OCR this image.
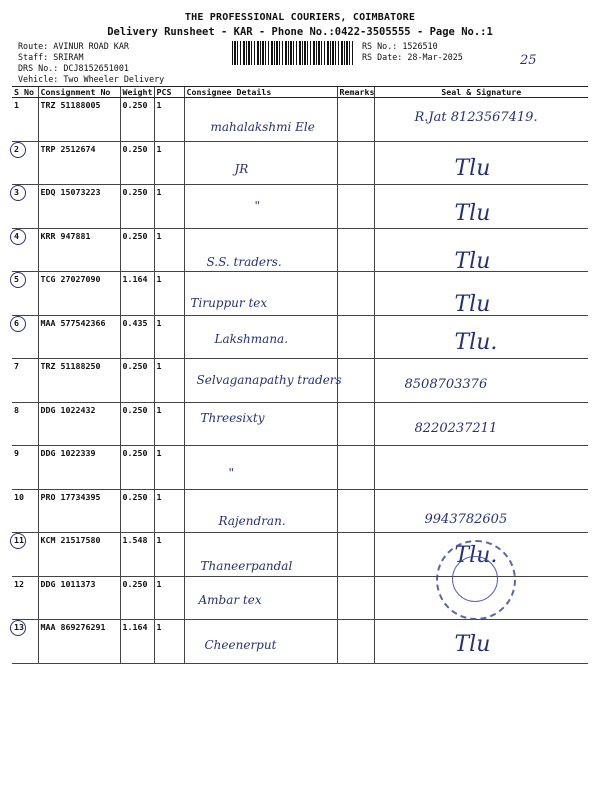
THE PROFESSIONAL COURIERS, COIMBATORE
Delivery Runsheet - KAR - Phone No.:0422-3505555 - Page No.:1
Route: AVINUR ROAD KAR
Staff: SRIRAM
DRS No.: DCJ8152651001
Vehicle: Two Wheeler Delivery
RS No.: 1526510
RS Date: 28-Mar-2025	25
S No	Consignment No	Weight	PCS	Consignee Details	Remarks	Seal & Signature
1	TRZ 51188005	0.250	1	mahalakshmi Ele		R.Jat 8123567419.

2	TRP 2512674	0.250	1	JR		Tlu

3	EDQ 15073223	0.250	1	"		Tlu

4	KRR 947881	0.250	1	S.S. traders.		Tlu

5	TCG 27027090	1.164	1	Tiruppur tex		Tlu

6	MAA 577542366	0.435	1	Lakshmana.		Tlu.

7	TRZ 51188250	0.250	1	Selvaganapathy traders		8508703376

8	DDG 1022432	0.250	1	Threesixty		8220237211

9	DDG 1022339	0.250	1	"		

10	PRO 17734395	0.250	1	Rajendran.		9943782605

11	KCM 21517580	1.548	1	Thaneerpandal		Tlu.

12	DDG 1011373	0.250	1	Ambar tex		

13	MAA 869276291	1.164	1	Cheenerput		Tlu
